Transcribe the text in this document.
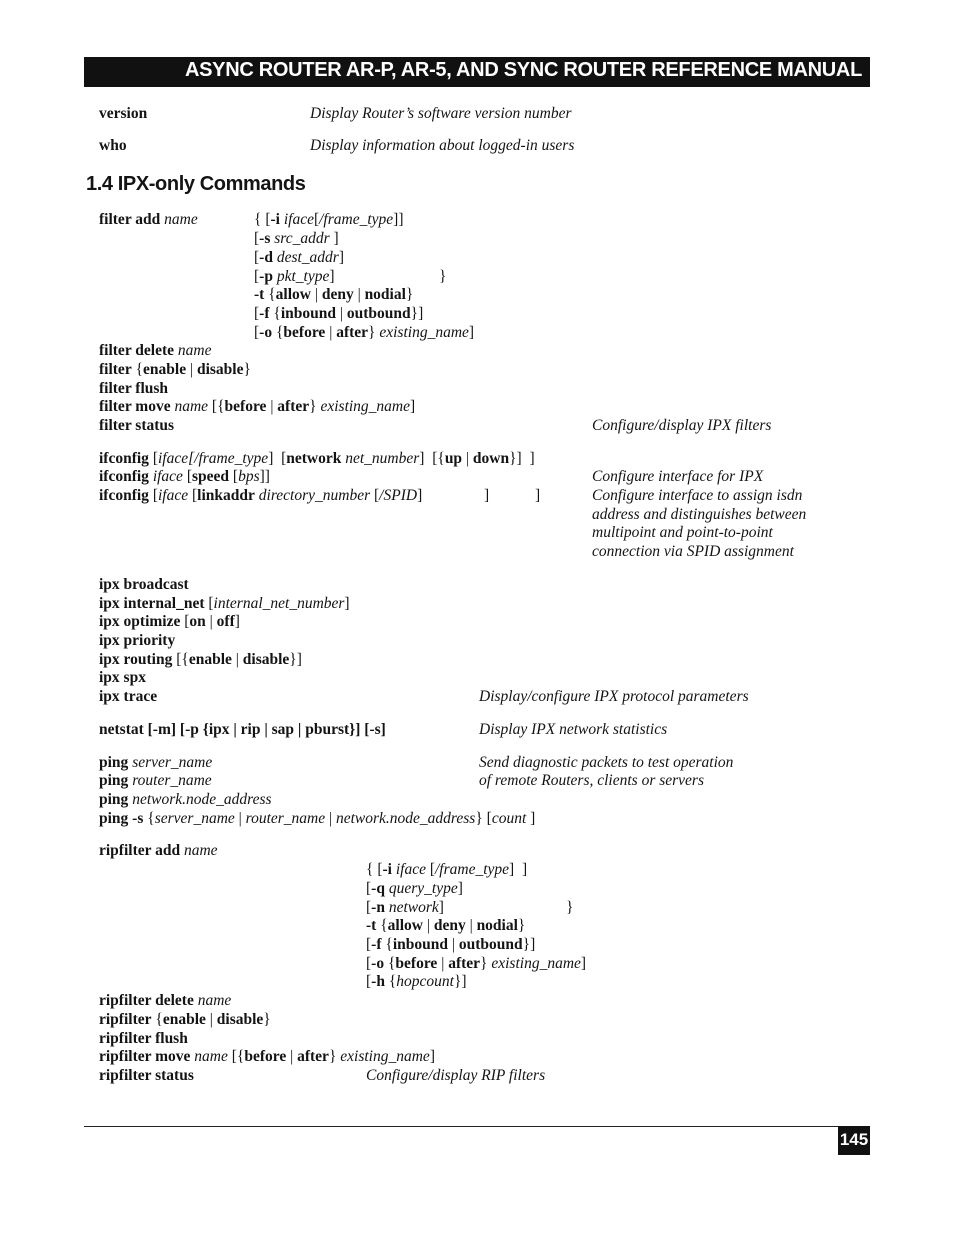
ASYNC ROUTER AR-P, AR-5, AND SYNC ROUTER REFERENCE MANUAL
version	Display Router’s software version number
who	Display information about logged-in users
1.4 IPX-only Commands
filter add name	{ [-i iface[/frame_type]]
[-s src_addr ]
[-d dest_addr]
[-p pkt_type]	}
-t {allow | deny | nodial}
[-f {inbound | outbound}]
[-o {before | after} existing_name]
filter delete name
filter {enable | disable}
filter flush
filter move name [{before | after} existing_name]
filter status	Configure/display IPX filters
ifconfig [iface[/frame_type]  [network net_number]  [{up | down}]  ]
ifconfig iface [speed [bps]]	Configure interface for IPX
ifconfig [iface [linkaddr directory_number [/SPID]	]	]	Configure interface to assign isdn
address and distinguishes between
multipoint and point-to-point
connection via SPID assignment
ipx broadcast
ipx internal_net [internal_net_number]
ipx optimize [on | off]
ipx priority
ipx routing [{enable | disable}]
ipx spx
ipx trace	Display/configure IPX protocol parameters
netstat [-m] [-p {ipx | rip | sap | pburst}] [-s]	Display IPX network statistics
ping server_name	Send diagnostic packets to test operation
ping router_name	of remote Routers, clients or servers
ping network.node_address
ping -s {server_name | router_name | network.node_address} [count ]
ripfilter add name
{ [-i iface [/frame_type]  ]
[-q query_type]
[-n network]	}
-t {allow | deny | nodial}
[-f {inbound | outbound}]
[-o {before | after} existing_name]
[-h {hopcount}]
ripfilter delete name
ripfilter {enable | disable}
ripfilter flush
ripfilter move name [{before | after} existing_name]
ripfilter status	Configure/display RIP filters
145
